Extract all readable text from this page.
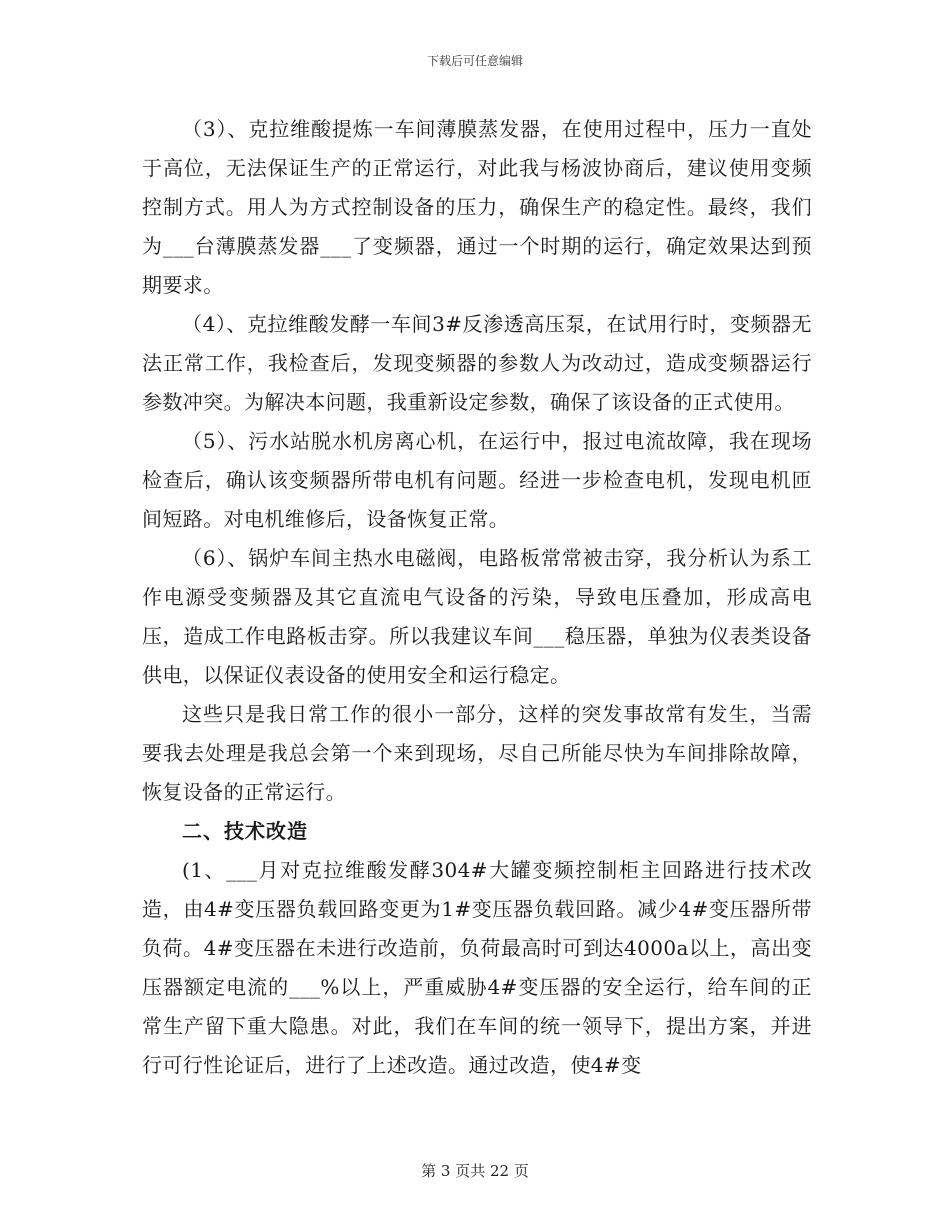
下载后可任意编辑

（3）、克拉维酸提炼一车间薄膜蒸发器，在使用过程中，压力一直处于高位，无法保证生产的正常运行，对此我与杨波协商后，建议使用变频控制方式。用人为方式控制设备的压力，确保生产的稳定性。最终，我们为___台薄膜蒸发器___了变频器，通过一个时期的运行，确定效果达到预期要求。

（4）、克拉维酸发酵一车间3#反渗透高压泵，在试用行时，变频器无法正常工作，我检查后，发现变频器的参数人为改动过，造成变频器运行参数冲突。为解决本问题，我重新设定参数，确保了该设备的正式使用。

（5）、污水站脱水机房离心机，在运行中，报过电流故障，我在现场检查后，确认该变频器所带电机有问题。经进一步检查电机，发现电机匝间短路。对电机维修后，设备恢复正常。

（6）、锅炉车间主热水电磁阀，电路板常常被击穿，我分析认为系工作电源受变频器及其它直流电气设备的污染，导致电压叠加，形成高电压，造成工作电路板击穿。所以我建议车间___稳压器，单独为仪表类设备供电，以保证仪表设备的使用安全和运行稳定。

这些只是我日常工作的很小一部分，这样的突发事故常有发生，当需要我去处理是我总会第一个来到现场，尽自己所能尽快为车间排除故障，恢复设备的正常运行。

二、技术改造

(1、___月对克拉维酸发酵304#大罐变频控制柜主回路进行技术改造，由4#变压器负载回路变更为1#变压器负载回路。减少4#变压器所带负荷。4#变压器在未进行改造前，负荷最高时可到达4000a以上，高出变压器额定电流的___%以上，严重威胁4#变压器的安全运行，给车间的正常生产留下重大隐患。对此，我们在车间的统一领导下，提出方案，并进行可行性论证后，进行了上述改造。通过改造，使4#变

第 3 页共 22 页
